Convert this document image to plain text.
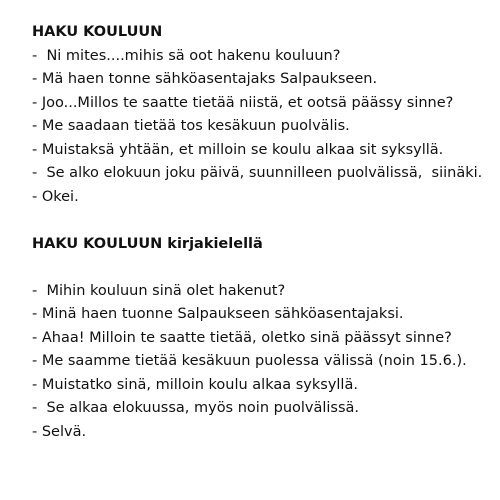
HAKU KOULUUN

-  Ni mites....mihis sä oot hakenu kouluun?

- Mä haen tonne sähköasentajaks Salpaukseen.

- Joo...Millos te saatte tietää niistä, et ootsä päässy sinne?

- Me saadaan tietää tos kesäkuun puolvälis.

- Muistaksä yhtään, et milloin se koulu alkaa sit syksyllä.

-  Se alko elokuun joku päivä, suunnilleen puolvälissä,  siinäki.

- Okei.

HAKU KOULUUN kirjakielellä

-  Mihin kouluun sinä olet hakenut?

- Minä haen tuonne Salpaukseen sähköasentajaksi.

- Ahaa! Milloin te saatte tietää, oletko sinä päässyt sinne?

- Me saamme tietää kesäkuun puolessa välissä (noin 15.6.).

- Muistatko sinä, milloin koulu alkaa syksyllä.

-  Se alkaa elokuussa, myös noin puolvälissä.

- Selvä.
